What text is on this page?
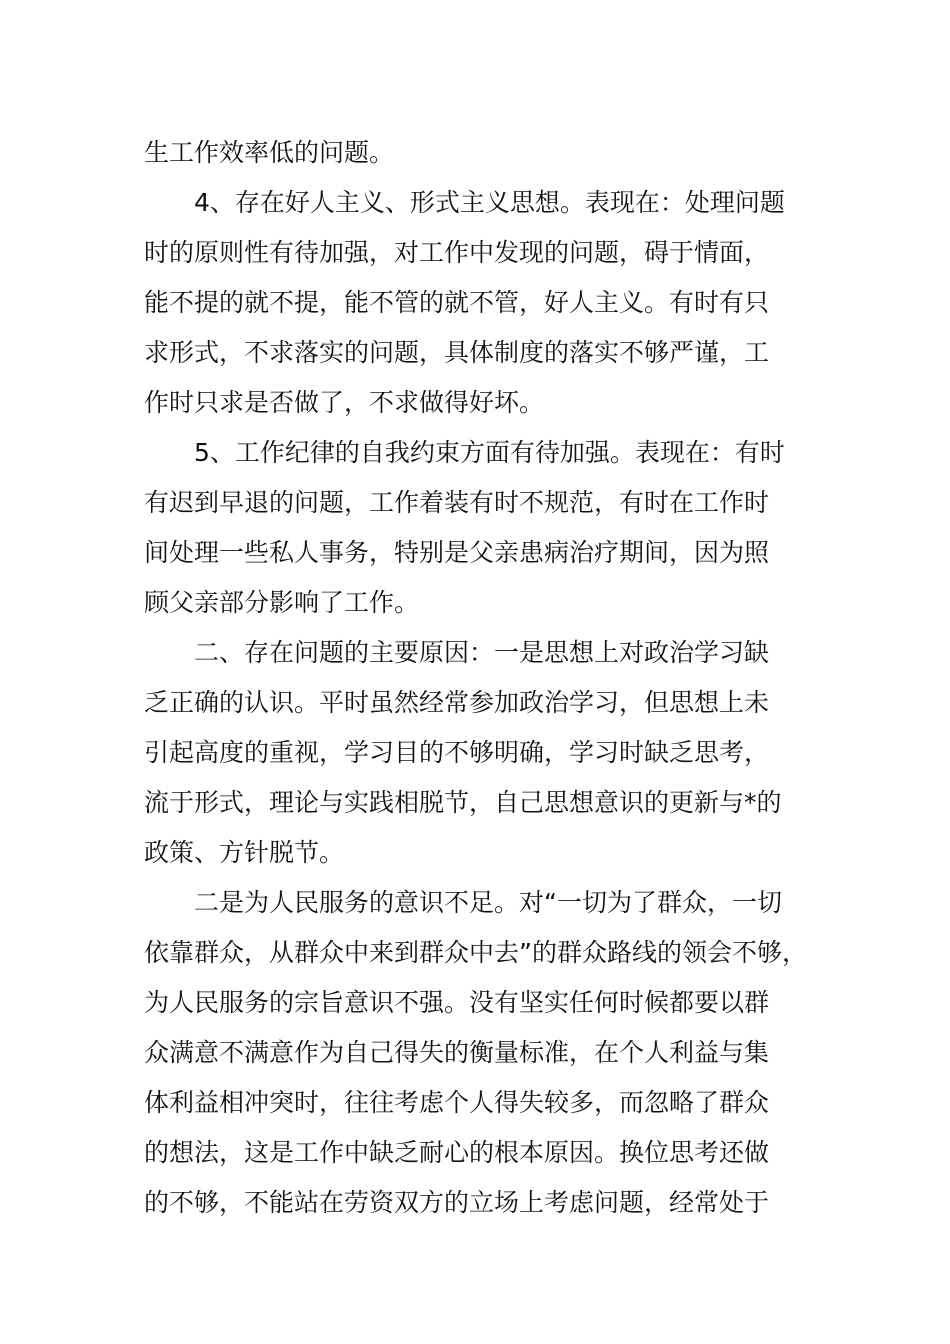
生工作效率低的问题。
4、存在好人主义、形式主义思想。表现在：处理问题
时的原则性有待加强，对工作中发现的问题，碍于情面，
能不提的就不提，能不管的就不管，好人主义。有时有只
求形式，不求落实的问题，具体制度的落实不够严谨，工
作时只求是否做了，不求做得好坏。
5、工作纪律的自我约束方面有待加强。表现在：有时
有迟到早退的问题，工作着装有时不规范，有时在工作时
间处理一些私人事务，特别是父亲患病治疗期间，因为照
顾父亲部分影响了工作。
二、存在问题的主要原因：一是思想上对政治学习缺
乏正确的认识。平时虽然经常参加政治学习，但思想上未
引起高度的重视，学习目的不够明确，学习时缺乏思考，
流于形式，理论与实践相脱节，自己思想意识的更新与*的
政策、方针脱节。
二是为人民服务的意识不足。对“一切为了群众，一切
依靠群众，从群众中来到群众中去”的群众路线的领会不够，
为人民服务的宗旨意识不强。没有坚实任何时候都要以群
众满意不满意作为自己得失的衡量标准，在个人利益与集
体利益相冲突时，往往考虑个人得失较多，而忽略了群众
的想法，这是工作中缺乏耐心的根本原因。换位思考还做
的不够，不能站在劳资双方的立场上考虑问题，经常处于
